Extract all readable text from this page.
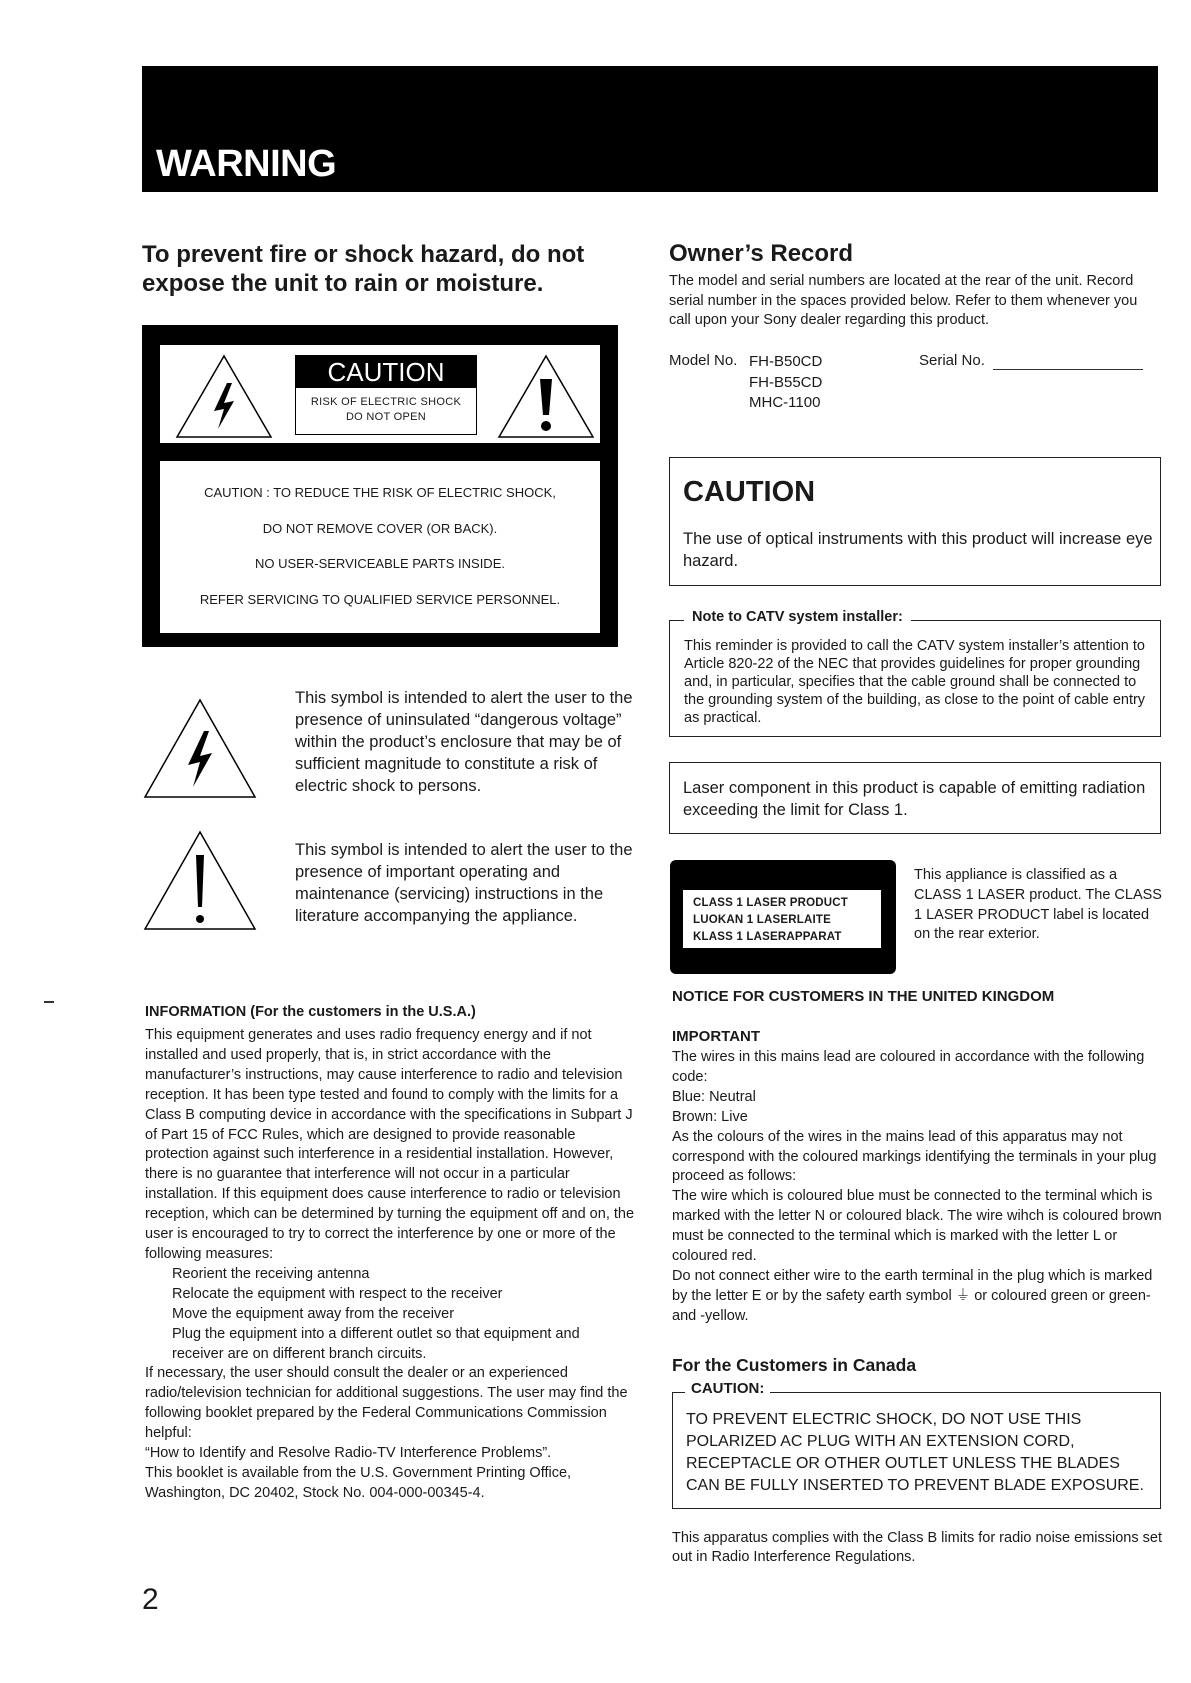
WARNING
To prevent fire or shock hazard, do not expose the unit to rain or moisture.
CAUTION
RISK OF ELECTRIC SHOCK
DO NOT OPEN
CAUTION : TO REDUCE THE RISK OF ELECTRIC SHOCK,
DO NOT REMOVE COVER (OR BACK).
NO USER-SERVICEABLE PARTS INSIDE.
REFER SERVICING TO QUALIFIED SERVICE PERSONNEL.
This symbol is intended to alert the user to the presence of uninsulated “dangerous voltage” within the product’s enclosure that may be of sufficient magnitude to constitute a risk of electric shock to persons.
This symbol is intended to alert the user to the presence of important operating and maintenance (servicing) instructions in the literature accompanying the appliance.
INFORMATION (For the customers in the U.S.A.)
This equipment generates and uses radio frequency energy and if not installed and used properly, that is, in strict accordance with the manufacturer’s instructions, may cause interference to radio and television reception. It has been type tested and found to comply with the limits for a Class B computing device in accordance with the specifications in Subpart J of Part 15 of FCC Rules, which are designed to provide reasonable protection against such interference in a residential installation. However, there is no guarantee that interference will not occur in a particular installation. If this equipment does cause interference to radio or television reception, which can be determined by turning the equipment off and on, the user is encouraged to try to correct the interference by one or more of the following measures:
Reorient the receiving antenna
Relocate the equipment with respect to the receiver
Move the equipment away from the receiver
Plug the equipment into a different outlet so that equipment and receiver are on different branch circuits.
If necessary, the user should consult the dealer or an experienced radio/television technician for additional suggestions. The user may find the following booklet prepared by the Federal Communications Commission helpful:
“How to Identify and Resolve Radio-TV Interference Problems”.
This booklet is available from the U.S. Government Printing Office, Washington, DC 20402, Stock No. 004-000-00345-4.
Owner’s Record
The model and serial numbers are located at the rear of the unit. Record serial number in the spaces provided below. Refer to them whenever you call upon your Sony dealer regarding this product.
Model No. FH-B50CD
FH-B55CD
MHC-1100
Serial No.
CAUTION
The use of optical instruments with this product will increase eye hazard.
This reminder is provided to call the CATV system installer’s attention to Article 820-22 of the NEC that provides guidelines for proper grounding and, in particular, specifies that the cable ground shall be connected to the grounding system of the building, as close to the point of cable entry as practical.
Note to CATV system installer:
Laser component in this product is capable of emitting radiation exceeding the limit for Class 1.
CLASS 1 LASER PRODUCT
LUOKAN 1 LASERLAITE
KLASS 1 LASERAPPARAT
This appliance is classified as a CLASS 1 LASER product. The CLASS 1 LASER PRODUCT label is located on the rear exterior.
NOTICE FOR CUSTOMERS IN THE UNITED KINGDOM
IMPORTANT
The wires in this mains lead are coloured in accordance with the following code:
Blue: Neutral
Brown: Live
As the colours of the wires in the mains lead of this apparatus may not correspond with the coloured markings identifying the terminals in your plug proceed as follows:
The wire which is coloured blue must be connected to the terminal which is marked with the letter N or coloured black. The wire wihch is coloured brown must be connected to the terminal which is marked with the letter L or coloured red.
Do not connect either wire to the earth terminal in the plug which is marked by the letter E or by the safety earth symbol ⏚ or coloured green or green-and -yellow.
For the Customers in Canada
TO PREVENT ELECTRIC SHOCK, DO NOT USE THIS POLARIZED AC PLUG WITH AN EXTENSION CORD, RECEPTACLE OR OTHER OUTLET UNLESS THE BLADES CAN BE FULLY INSERTED TO PREVENT BLADE EXPOSURE.
CAUTION:
This apparatus complies with the Class B limits for radio noise emissions set out in Radio Interference Regulations.
2
